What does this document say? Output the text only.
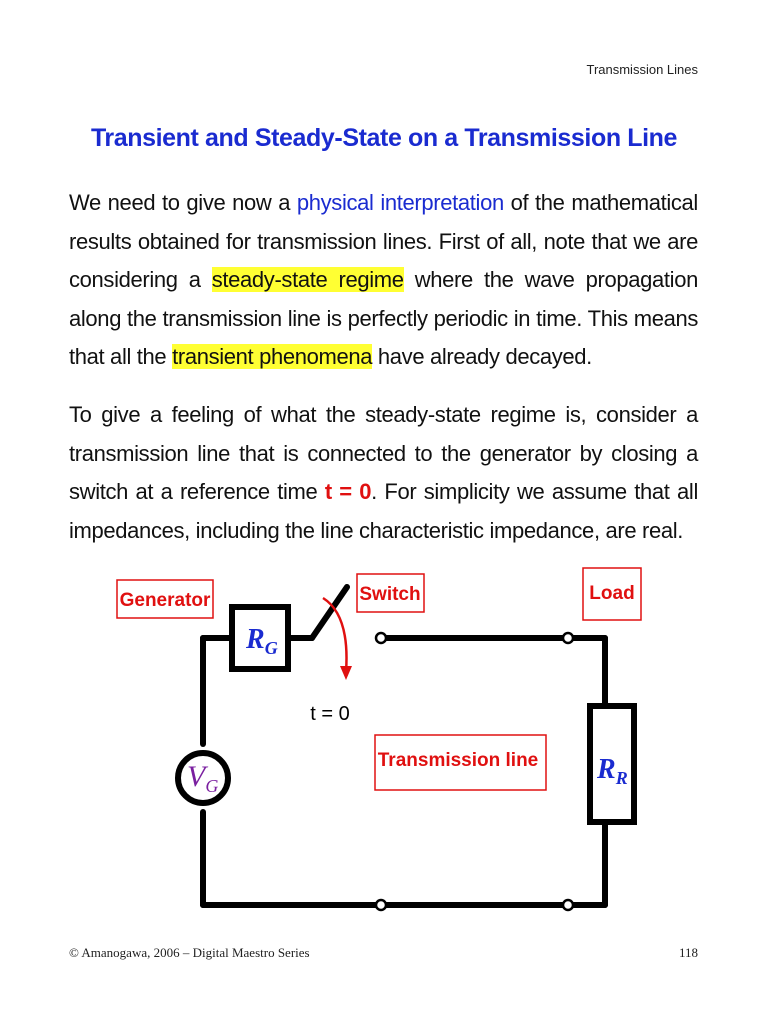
Transmission Lines
Transient and Steady-State on a Transmission Line
We need to give now a physical interpretation of the mathematical results obtained for transmission lines. First of all, note that we are considering a steady-state regime where the wave propagation along the transmission line is perfectly periodic in time. This means that all the transient phenomena have already decayed.
To give a feeling of what the steady-state regime is, consider a transmission line that is connected to the generator by closing a switch at a reference time t = 0. For simplicity we assume that all impedances, including the line characteristic impedance, are real.
$R_G$
$V_G$
$R_R$
Generator	Switch	Load
Transmission line
t = 0
© Amanogawa, 2006 – Digital Maestro Series	118
